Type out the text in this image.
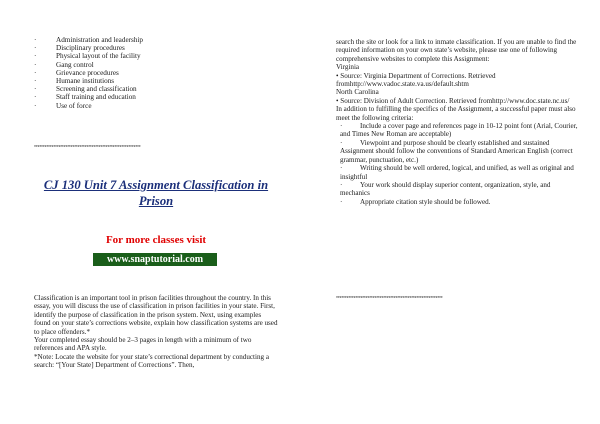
·	Administration and leadership
·	Disciplinary procedures
·	Physical layout of the facility
·	Gang control
·	Grievance procedures
·	Humane institutions
·	Screening and classification
·	Staff training and education
·	Use of force
*************************************************************
CJ 130 Unit 7 Assignment Classification in Prison
For more classes visit
www.snaptutorial.com

Classification is an important tool in prison facilities throughout the country. In this essay, you will discuss the use of classification in prison facilities in your state. First, identify the purpose of classification in the prison system. Next, using examples found on your state’s corrections website, explain how classification systems are used to place offenders.*

Your completed essay should be 2–3 pages in length with a minimum of two references and APA style.

*Note: Locate the website for your state’s correctional department by conducting a search: “[Your State] Department of Corrections”. Then,

search the site or look for a link to inmate classification. If you are unable to find the required information on your own state’s website, please use one of following comprehensive websites to complete this Assignment:

Virginia

• Source: Virginia Department of Corrections. Retrieved fromhttp://www.vadoc.state.va.us/default.shtm

North Carolina

• Source: Division of Adult Correction. Retrieved fromhttp://www.doc.state.nc.us/

In addition to fulfilling the specifics of the Assignment, a successful paper must also meet the following criteria:

· Include a cover page and references page in 10-12 point font (Arial, Courier, and Times New Roman are acceptable)

· Viewpoint and purpose should be clearly established and sustained Assignment should follow the conventions of Standard American English (correct grammar, punctuation, etc.)

· Writing should be well ordered, logical, and unified, as well as original and insightful

· Your work should display superior content, organization, style, and mechanics

· Appropriate citation style should be followed.

*************************************************************
